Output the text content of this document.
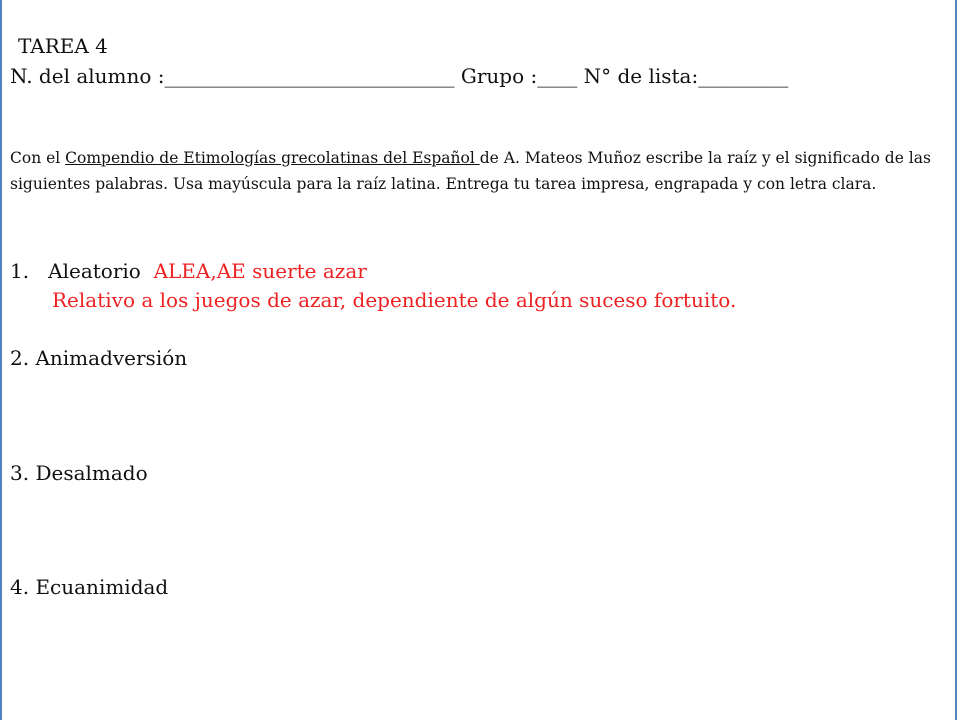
TAREA 4
N. del alumno :_____________________________ Grupo :____ N° de lista:_________
Con el Compendio de Etimologías grecolatinas del Español de A. Mateos Muñoz escribe la raíz y el significado de las siguientes palabras. Usa mayúscula para la raíz latina. Entrega tu tarea impresa, engrapada y con letra clara.
1. Aleatorio ALEA,AE suerte azar
Relativo a los juegos de azar, dependiente de algún suceso fortuito.
2. Animadversión
3. Desalmado
4. Ecuanimidad
